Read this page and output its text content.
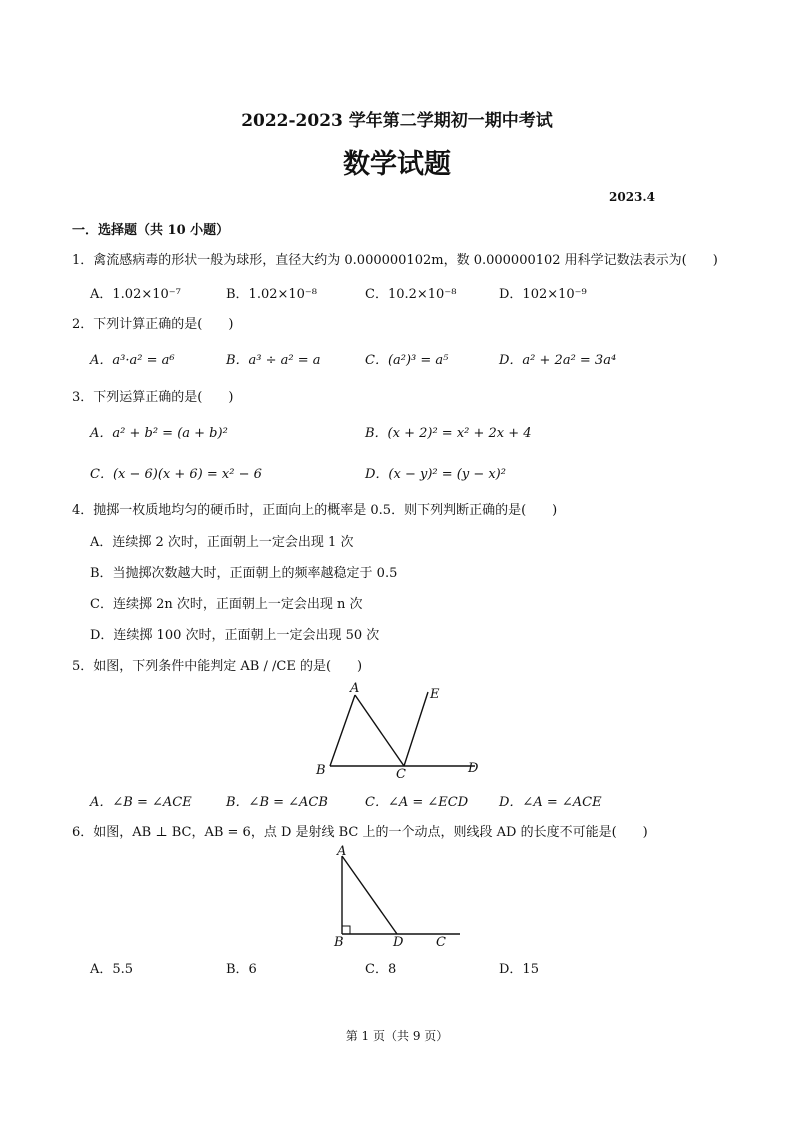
2022-2023 学年第二学期初一期中考试
数学试题
2023.4
一．选择题（共 10 小题）
1．禽流感病毒的形状一般为球形，直径大约为 0.000000102m，数 0.000000102 用科学记数法表示为(　　)
A．1.02×10⁻⁷	B．1.02×10⁻⁸	C．10.2×10⁻⁸	D．102×10⁻⁹
2．下列计算正确的是(　　)
A．a³·a² = a⁶	B．a³ ÷ a² = a	C．(a²)³ = a⁵	D．a² + 2a² = 3a⁴
3．下列运算正确的是(　　)
A．a² + b² = (a + b)²	B．(x + 2)² = x² + 2x + 4
C．(x − 6)(x + 6) = x² − 6	D．(x − y)² = (y − x)²
4．抛掷一枚质地均匀的硬币时，正面向上的概率是 0.5．则下列判断正确的是(　　)
A．连续掷 2 次时，正面朝上一定会出现 1 次
B．当抛掷次数越大时，正面朝上的频率越稳定于 0.5
C．连续掷 2n 次时，正面朝上一定会出现 n 次
D．连续掷 100 次时，正面朝上一定会出现 50 次
5．如图，下列条件中能判定 AB / /CE 的是(　　)
A
B	C	D
E
A．∠B = ∠ACE	B．∠B = ∠ACB	C．∠A = ∠ECD D．∠A = ∠ACE
6．如图，AB ⊥ BC，AB = 6，点 D 是射线 BC 上的一个动点，则线段 AD 的长度不可能是(　　)
A
B	D	C
A．5.5	B．6	C．8	D．15
第 1 页（共 9 页）
